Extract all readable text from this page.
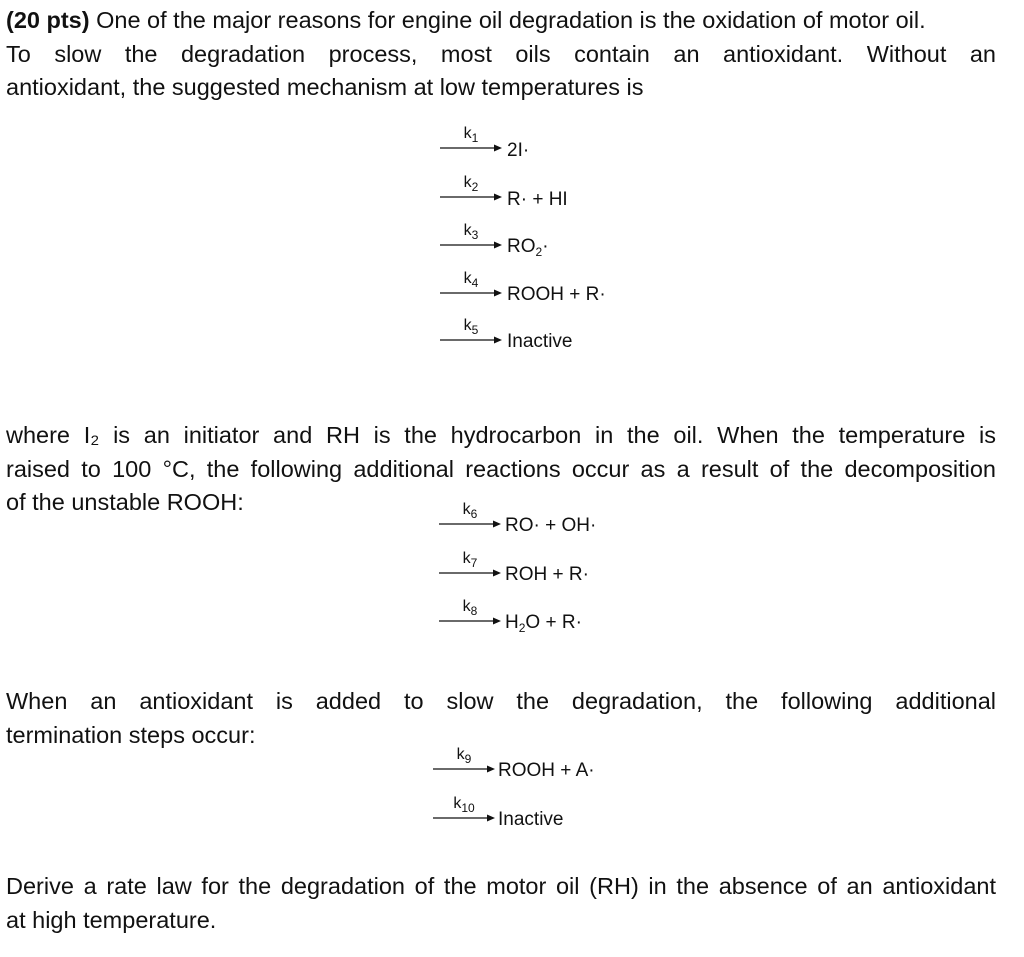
(20 pts) One of the major reasons for engine oil degradation is the oxidation of motor oil.
To slow the degradation process, most oils contain an antioxidant. Without an
antioxidant, the suggested mechanism at low temperatures is
$k_1$
2I·
$k_2$
R· + HI
$k_3$
$RO_2\cdot$
$k_4$
ROOH + R·
$k_5$
Inactive
where I₂ is an initiator and RH is the hydrocarbon in the oil. When the temperature is
raised to 100 °C, the following additional reactions occur as a result of the decomposition
of the unstable ROOH:	$k_6$
RO· + OH·
$k_7$
ROH + R·
$k_8$
$H_2O + R\cdot$
When an antioxidant is added to slow the degradation, the following additional
termination steps occur:
$k_9$
ROOH + A·
$k_{10}$
Inactive
Derive a rate law for the degradation of the motor oil (RH) in the absence of an antioxidant
at high temperature.
